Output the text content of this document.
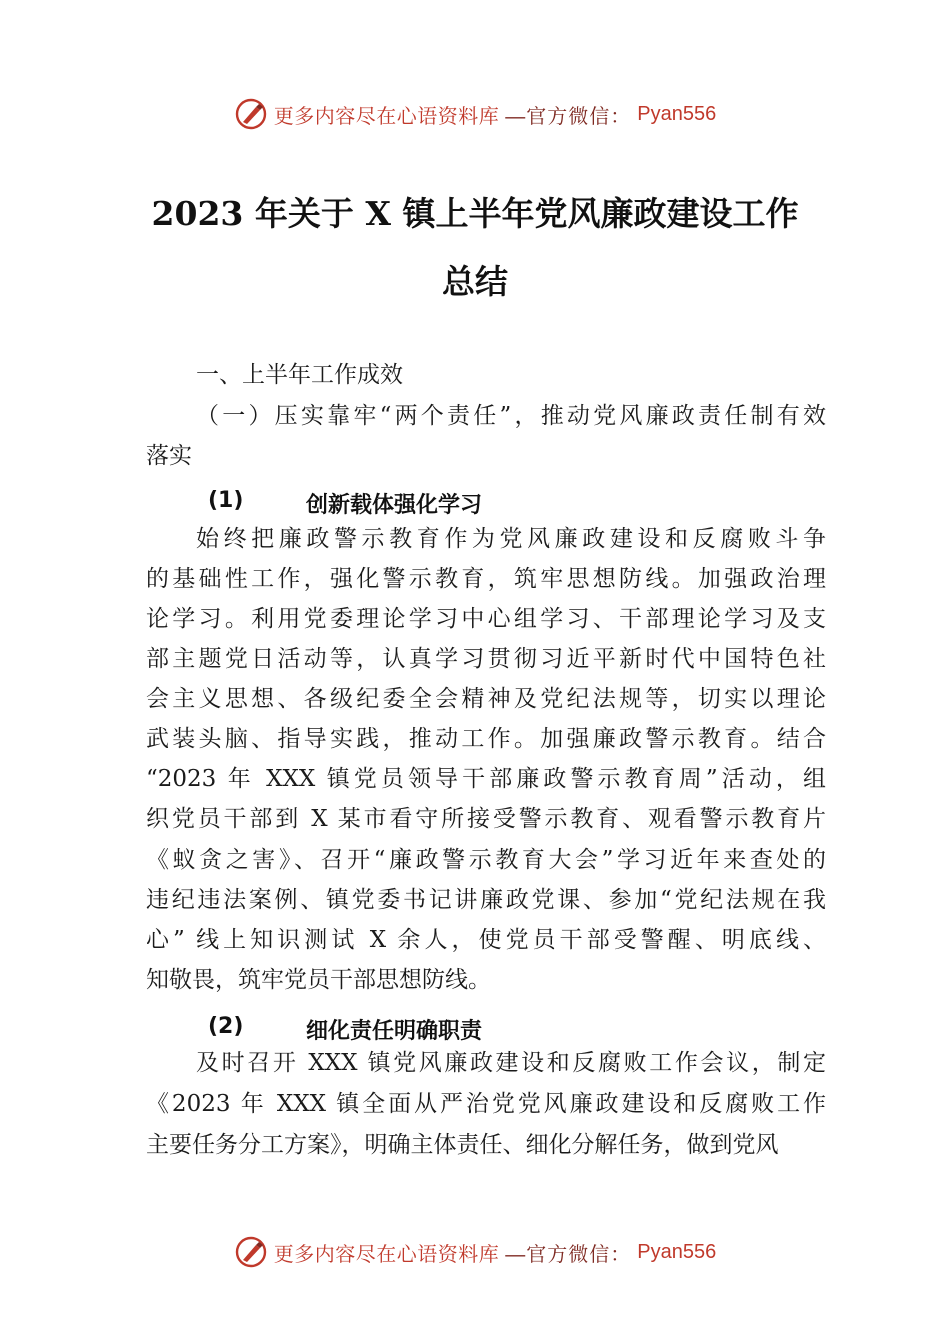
更多内容尽在心语资料库 —官方微信： Pyan556
2023 年关于 X 镇上半年党风廉政建设工作
总结
一、上半年工作成效
（一）压实靠牢“两个责任”，推动党风廉政责任制有效
落实
(1)	创新载体强化学习
始终把廉政警示教育作为党风廉政建设和反腐败斗争
的基础性工作，强化警示教育，筑牢思想防线。加强政治理
论学习。利用党委理论学习中心组学习、干部理论学习及支
部主题党日活动等，认真学习贯彻习近平新时代中国特色社
会主义思想、各级纪委全会精神及党纪法规等，切实以理论
武装头脑、指导实践，推动工作。加强廉政警示教育。结合
“2023 年 XXX 镇党员领导干部廉政警示教育周”活动，组
织党员干部到 X 某市看守所接受警示教育、观看警示教育片
《蚁贪之害》、召开“廉政警示教育大会”学习近年来查处的
违纪违法案例、镇党委书记讲廉政党课、参加“党纪法规在我
心” 线上知识测试 X 余人，使党员干部受警醒、明底线、
知敬畏，筑牢党员干部思想防线。
(2)	细化责任明确职责
及时召开 XXX 镇党风廉政建设和反腐败工作会议，制定
《2023 年 XXX 镇全面从严治党党风廉政建设和反腐败工作
主要任务分工方案》，明确主体责任、细化分解任务，做到党风
更多内容尽在心语资料库 —官方微信： Pyan556
